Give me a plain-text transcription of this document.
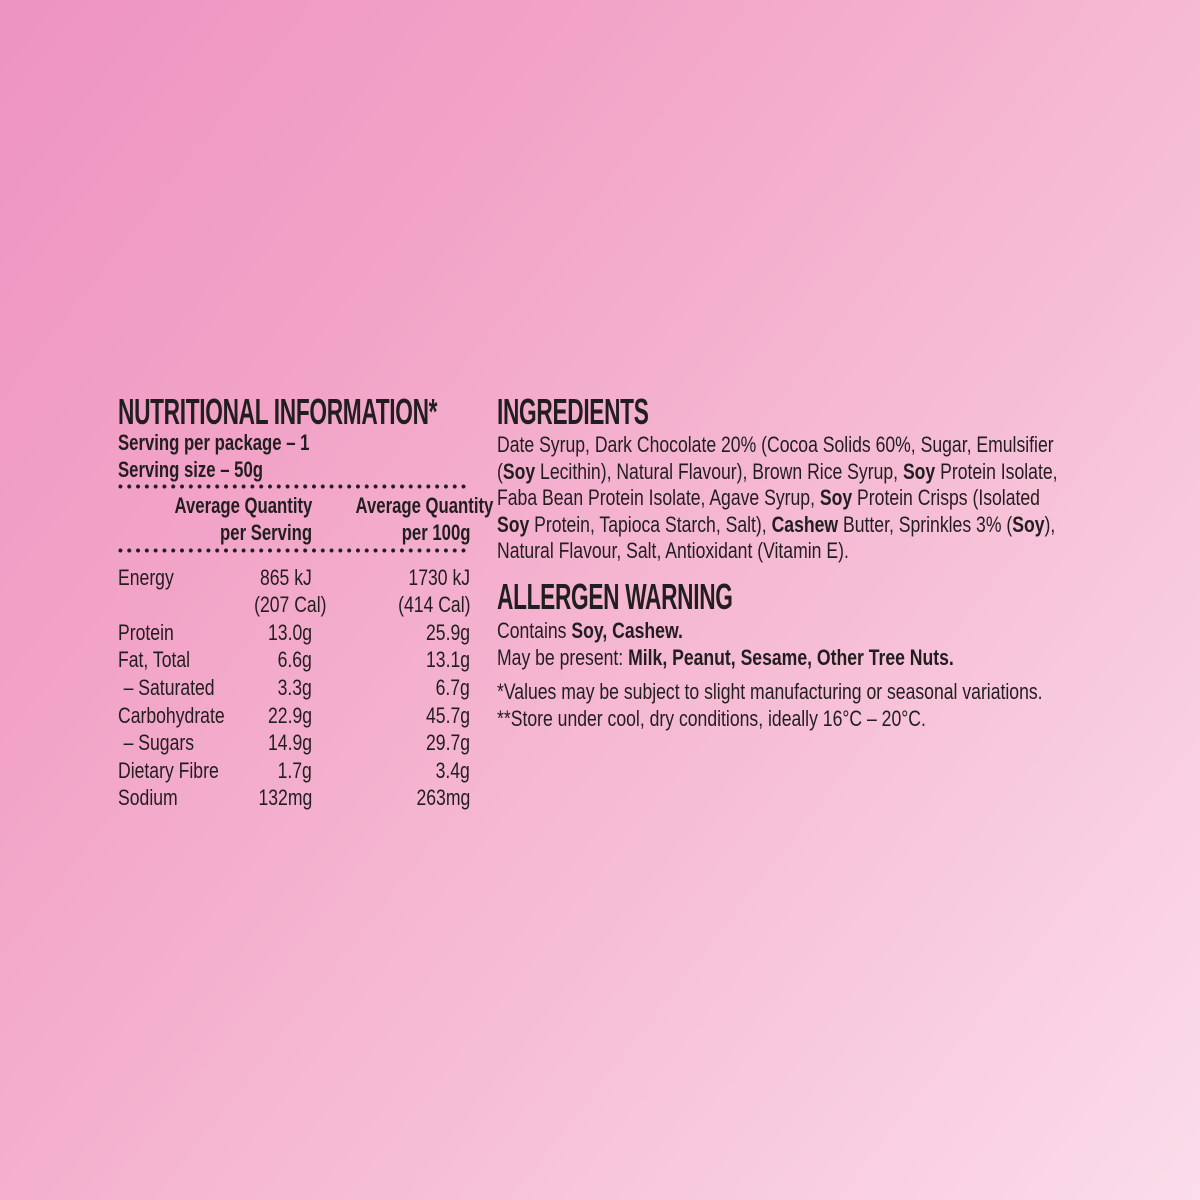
NUTRITIONAL INFORMATION*
Serving per package – 1
Serving size – 50g
Average Quantity	Average Quantity
per Serving	per 100g
Energy	865 kJ	1730 kJ
(207 Cal)	(414 Cal)
Protein	13.0g	25.9g
Fat, Total	6.6g	13.1g
– Saturated	3.3g	6.7g
Carbohydrate	22.9g	45.7g
– Sugars	14.9g	29.7g
Dietary Fibre	1.7g	3.4g
Sodium	132mg	263mg
INGREDIENTS
Date Syrup, Dark Chocolate 20% (Cocoa Solids 60%, Sugar, Emulsifier
(Soy Lecithin), Natural Flavour), Brown Rice Syrup, Soy Protein Isolate,
Faba Bean Protein Isolate, Agave Syrup, Soy Protein Crisps (Isolated
Soy Protein, Tapioca Starch, Salt), Cashew Butter, Sprinkles 3% (Soy),
Natural Flavour, Salt, Antioxidant (Vitamin E).
ALLERGEN WARNING
Contains Soy, Cashew.
May be present: Milk, Peanut, Sesame, Other Tree Nuts.
*Values may be subject to slight manufacturing or seasonal variations.
**Store under cool, dry conditions, ideally 16°C – 20°C.
